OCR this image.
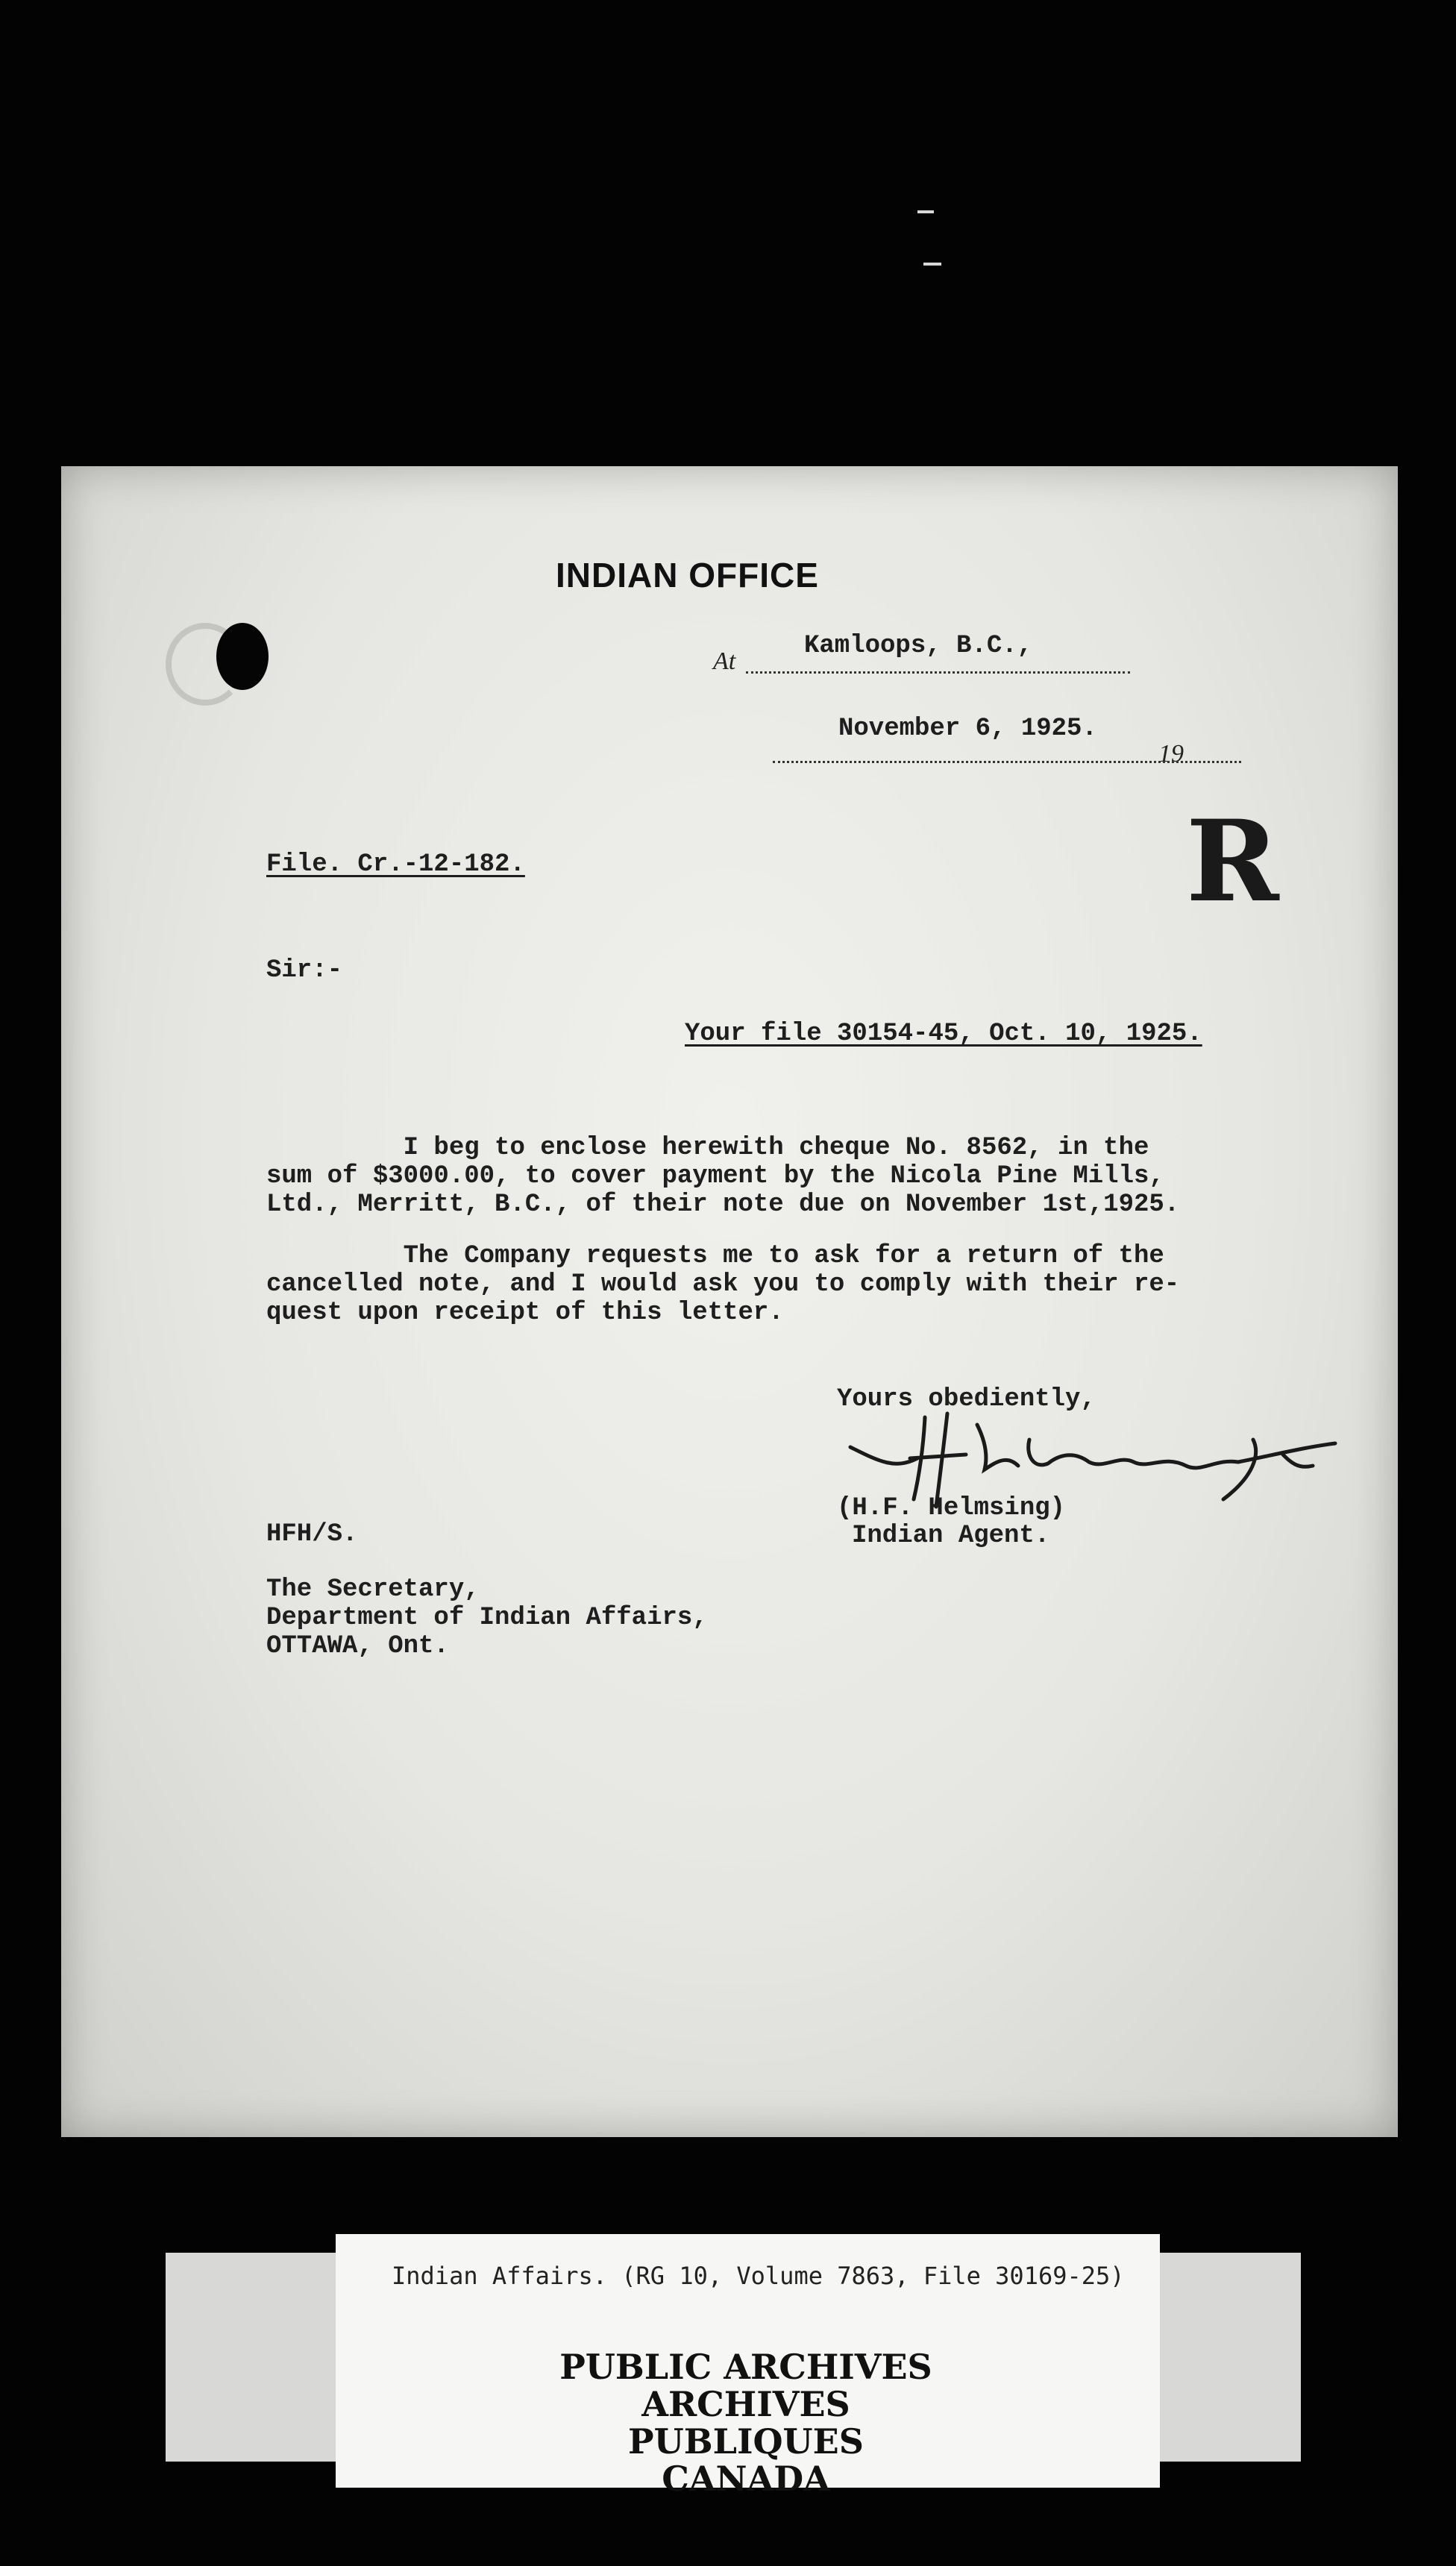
INDIAN OFFICE
At
Kamloops, B.C.,
November 6, 1925.
19
R
File. Cr.-12-182.
Sir:-
Your file 30154-45, Oct. 10, 1925.
I beg to enclose herewith cheque No. 8562, in the
sum of $3000.00, to cover payment by the Nicola Pine Mills,
Ltd., Merritt, B.C., of their note due on November 1st,1925.
The Company requests me to ask for a return of the
cancelled note, and I would ask you to comply with their re-
quest upon receipt of this letter.
Yours obediently,
(H.F. Helmsing)
Indian Agent.
HFH/S.
The Secretary,
Department of Indian Affairs,
OTTAWA, Ont.
Indian Affairs. (RG 10, Volume 7863, File 30169-25)
PUBLIC ARCHIVES
ARCHIVES PUBLIQUES
CANADA
